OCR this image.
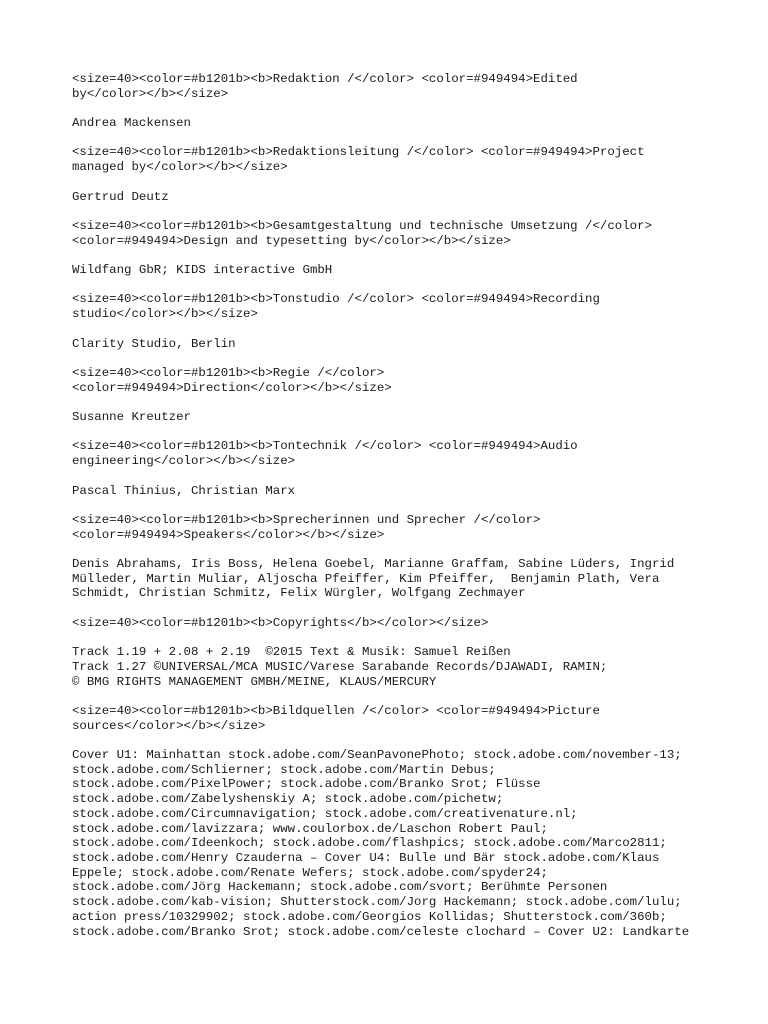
<size=40><color=#b1201b><b>Redaktion /</color> <color=#949494>Edited
by</color></b></size>
Andrea Mackensen
<size=40><color=#b1201b><b>Redaktionsleitung /</color> <color=#949494>Project
managed by</color></b></size>
Gertrud Deutz
<size=40><color=#b1201b><b>Gesamtgestaltung und technische Umsetzung /</color>
<color=#949494>Design and typesetting by</color></b></size>
Wildfang GbR; KIDS interactive GmbH
<size=40><color=#b1201b><b>Tonstudio /</color> <color=#949494>Recording
studio</color></b></size>
Clarity Studio, Berlin
<size=40><color=#b1201b><b>Regie /</color>
<color=#949494>Direction</color></b></size>
Susanne Kreutzer
<size=40><color=#b1201b><b>Tontechnik /</color> <color=#949494>Audio
engineering</color></b></size>
Pascal Thinius, Christian Marx
<size=40><color=#b1201b><b>Sprecherinnen und Sprecher /</color>
<color=#949494>Speakers</color></b></size>
Denis Abrahams, Iris Boss, Helena Goebel, Marianne Graffam, Sabine Lüders, Ingrid
Mülleder, Martin Muliar, Aljoscha Pfeiffer, Kim Pfeiffer,  Benjamin Plath, Vera
Schmidt, Christian Schmitz, Felix Würgler, Wolfgang Zechmayer
<size=40><color=#b1201b><b>Copyrights</b></color></size>
Track 1.19 + 2.08 + 2.19  ©2015 Text & Musik: Samuel Reißen
Track 1.27 ©UNIVERSAL/MCA MUSIC/Varese Sarabande Records/DJAWADI, RAMIN;
© BMG RIGHTS MANAGEMENT GMBH/MEINE, KLAUS/MERCURY
<size=40><color=#b1201b><b>Bildquellen /</color> <color=#949494>Picture
sources</color></b></size>
Cover U1: Mainhattan stock.adobe.com/SeanPavonePhoto; stock.adobe.com/november-13;
stock.adobe.com/Schlierner; stock.adobe.com/Martin Debus;
stock.adobe.com/PixelPower; stock.adobe.com/Branko Srot; Flüsse
stock.adobe.com/Zabelyshenskiy A; stock.adobe.com/pichetw;
stock.adobe.com/Circumnavigation; stock.adobe.com/creativenature.nl;
stock.adobe.com/lavizzara; www.coulorbox.de/Laschon Robert Paul;
stock.adobe.com/Ideenkoch; stock.adobe.com/flashpics; stock.adobe.com/Marco2811;
stock.adobe.com/Henry Czauderna – Cover U4: Bulle und Bär stock.adobe.com/Klaus
Eppele; stock.adobe.com/Renate Wefers; stock.adobe.com/spyder24;
stock.adobe.com/Jörg Hackemann; stock.adobe.com/svort; Berühmte Personen
stock.adobe.com/kab-vision; Shutterstock.com/Jorg Hackemann; stock.adobe.com/lulu;
action press/10329902; stock.adobe.com/Georgios Kollidas; Shutterstock.com/360b;
stock.adobe.com/Branko Srot; stock.adobe.com/celeste clochard – Cover U2: Landkarte
